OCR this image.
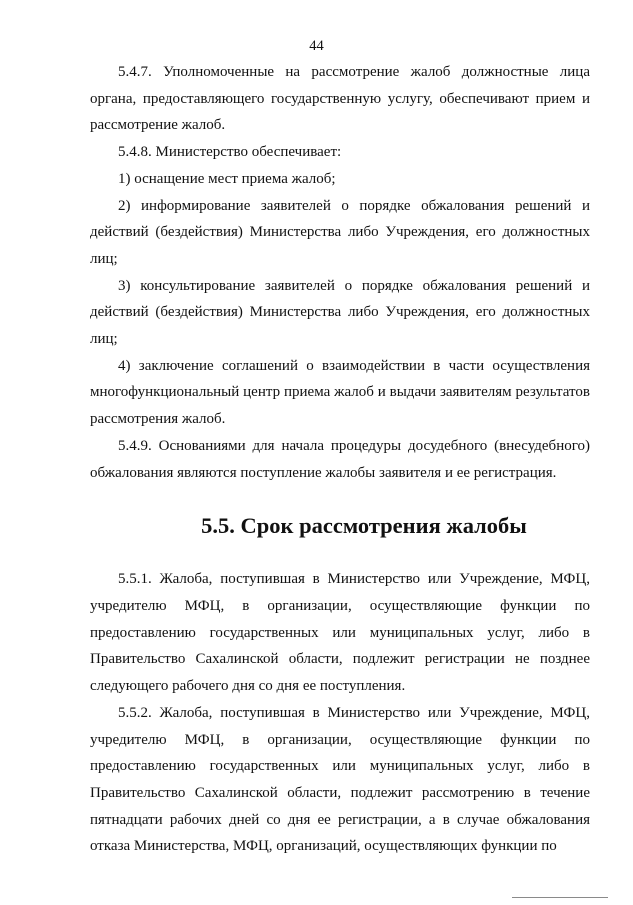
44

5.4.7. Уполномоченные на рассмотрение жалоб должностные лица органа, предоставляющего государственную услугу, обеспечивают прием и рассмотрение жалоб.

5.4.8. Министерство обеспечивает:

1) оснащение мест приема жалоб;

2) информирование заявителей о порядке обжалования решений и действий (бездействия) Министерства либо Учреждения, его должностных лиц;

3) консультирование заявителей о порядке обжалования решений и действий (бездействия) Министерства либо Учреждения, его должностных лиц;

4) заключение соглашений о взаимодействии в части осуществления многофункциональный центр приема жалоб и выдачи заявителям результатов рассмотрения жалоб.

5.4.9. Основаниями для начала процедуры досудебного (внесудебного) обжалования являются поступление жалобы заявителя и ее регистрация.

5.5. Срок рассмотрения жалобы

5.5.1. Жалоба, поступившая в Министерство или Учреждение, МФЦ, учредителю МФЦ, в организации, осуществляющие функции по предоставлению государственных или муниципальных услуг, либо в Правительство Сахалинской области, подлежит регистрации не позднее следующего рабочего дня со дня ее поступления.

5.5.2. Жалоба, поступившая в Министерство или Учреждение, МФЦ, учредителю МФЦ, в организации, осуществляющие функции по предоставлению государственных или муниципальных услуг, либо в Правительство Сахалинской области, подлежит рассмотрению в течение пятнадцати рабочих дней со дня ее регистрации, а в случае обжалования отказа Министерства, МФЦ, организаций, осуществляющих функции по
